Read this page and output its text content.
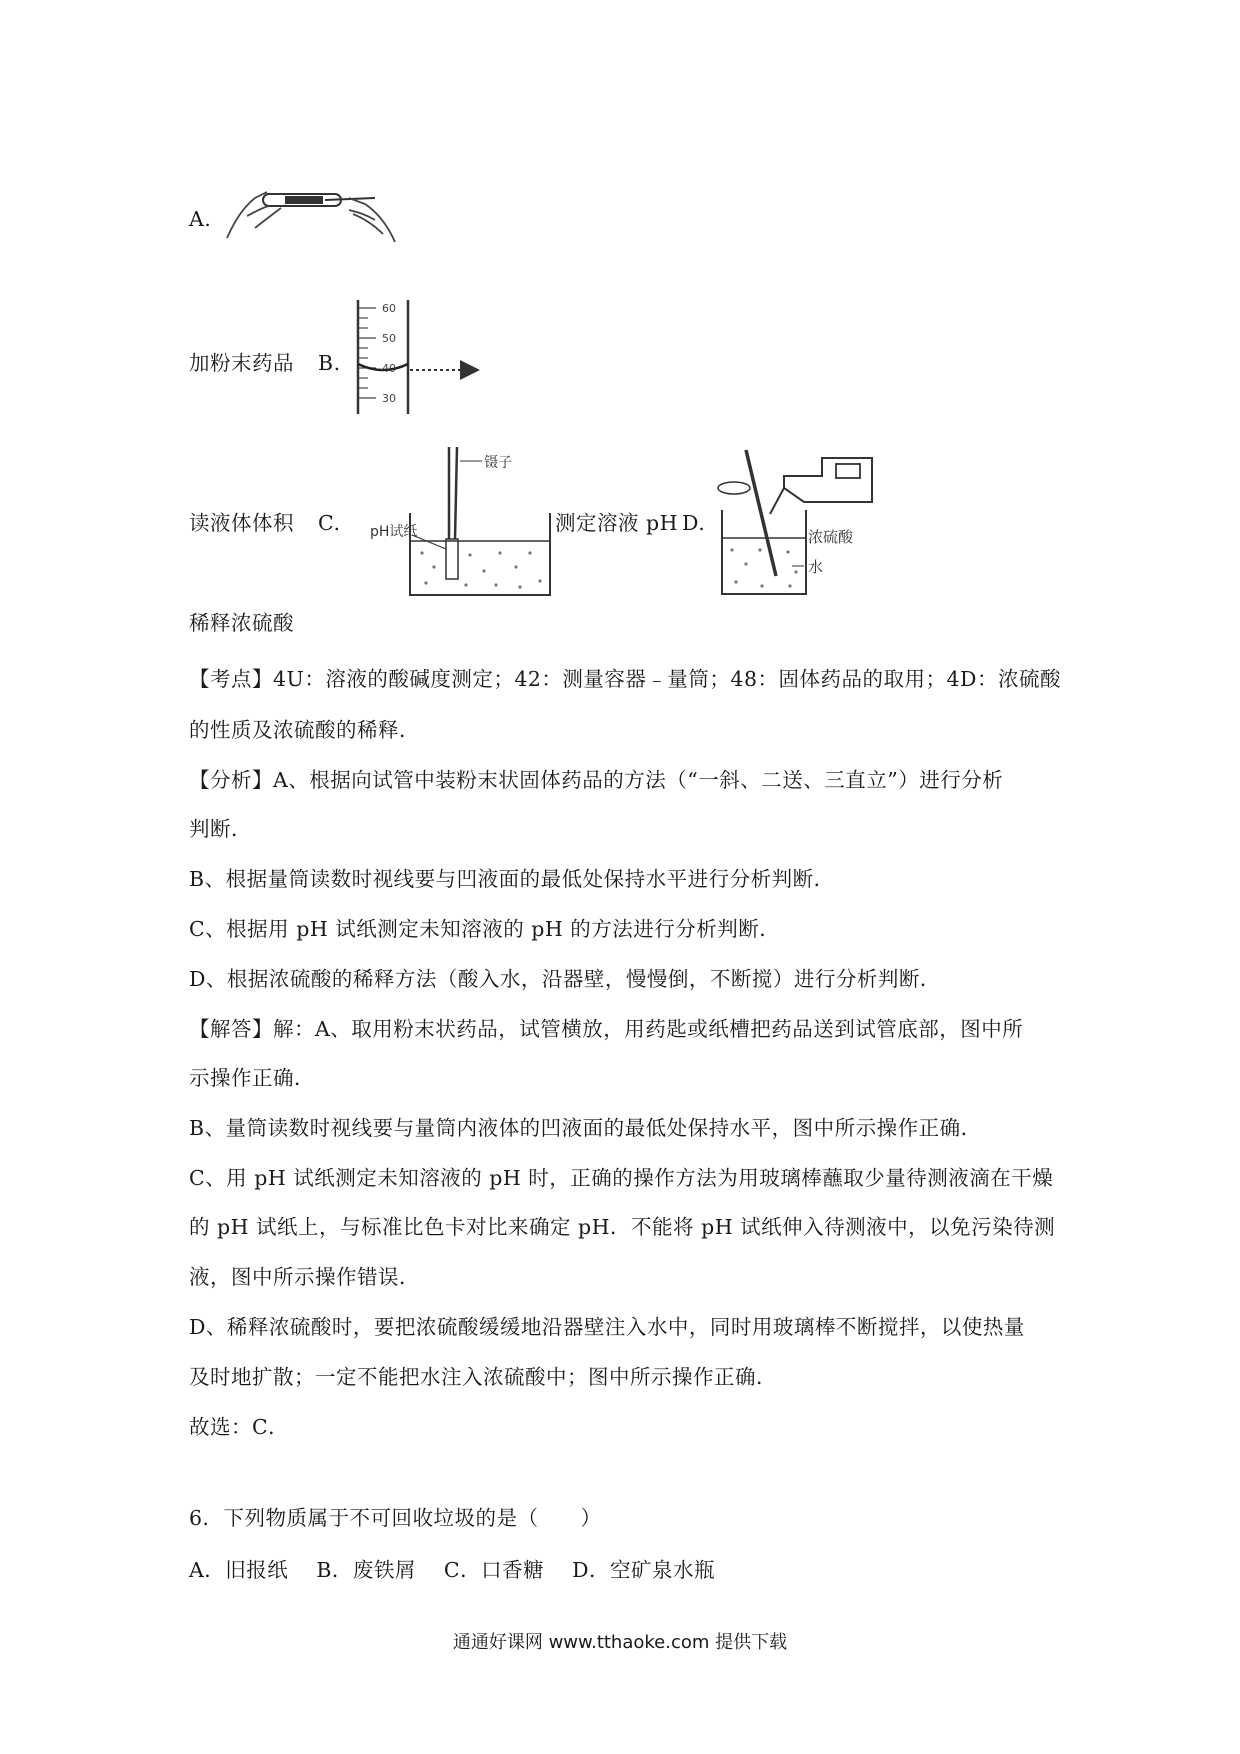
A.
加粉末药品 B.
60
50
40
30
读液体体积 C.
镊子
pH试纸	测定溶液 pH D.
浓硫酸
水
稀释浓硫酸
【考点】4U：溶液的酸碱度测定；42：测量容器﹣量筒；48：固体药品的取用；4D：浓硫酸
的性质及浓硫酸的稀释．
【分析】A、根据向试管中装粉末状固体药品的方法（“一斜、二送、三直立”）进行分析
判断．
B、根据量筒读数时视线要与凹液面的最低处保持水平进行分析判断．
C、根据用 pH 试纸测定未知溶液的 pH 的方法进行分析判断．
D、根据浓硫酸的稀释方法（酸入水，沿器壁，慢慢倒，不断搅）进行分析判断．
【解答】解：A、取用粉末状药品，试管横放，用药匙或纸槽把药品送到试管底部，图中所
示操作正确．
B、量筒读数时视线要与量筒内液体的凹液面的最低处保持水平，图中所示操作正确．
C、用 pH 试纸测定未知溶液的 pH 时，正确的操作方法为用玻璃棒蘸取少量待测液滴在干燥
的 pH 试纸上，与标准比色卡对比来确定 pH．不能将 pH 试纸伸入待测液中，以免污染待测
液，图中所示操作错误．
D、稀释浓硫酸时，要把浓硫酸缓缓地沿器壁注入水中，同时用玻璃棒不断搅拌，以使热量
及时地扩散；一定不能把水注入浓硫酸中；图中所示操作正确．
故选：C．
6．下列物质属于不可回收垃圾的是（　　）
A．旧报纸　 B．废铁屑　 C．口香糖　 D．空矿泉水瓶
通通好课网 www.tthaoke.com 提供下载
